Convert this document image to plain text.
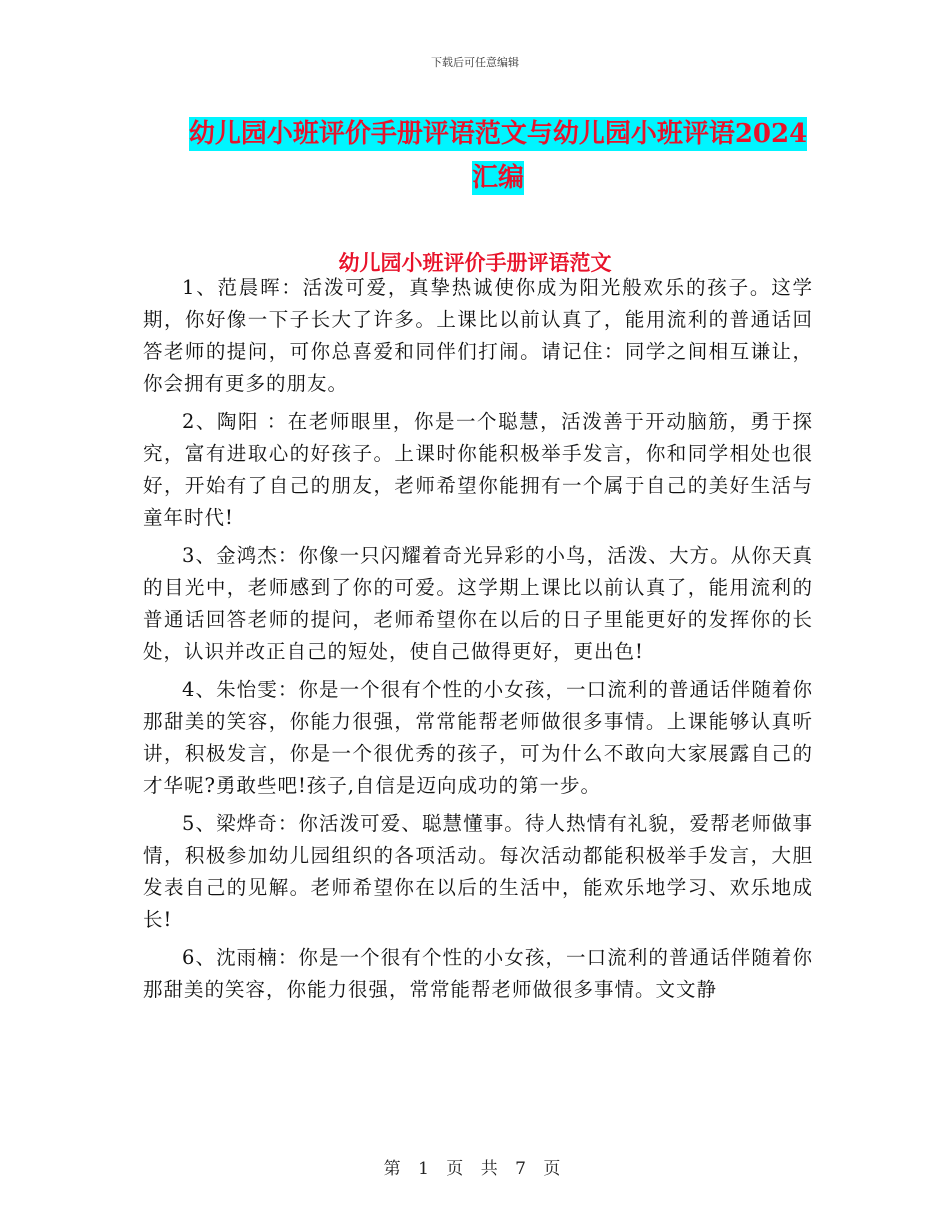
下载后可任意编辑
幼儿园小班评价手册评语范文与幼儿园小班评语2024汇编
幼儿园小班评价手册评语范文

1、范晨晖：活泼可爱，真挚热诚使你成为阳光般欢乐的孩子。这学期，你好像一下子长大了许多。上课比以前认真了，能用流利的普通话回答老师的提问，可你总喜爱和同伴们打闹。请记住：同学之间相互谦让，你会拥有更多的朋友。

2、陶阳 ：在老师眼里，你是一个聪慧，活泼善于开动脑筋，勇于探究，富有进取心的好孩子。上课时你能积极举手发言，你和同学相处也很好，开始有了自己的朋友，老师希望你能拥有一个属于自己的美好生活与童年时代!

3、金鸿杰：你像一只闪耀着奇光异彩的小鸟，活泼、大方。从你天真的目光中，老师感到了你的可爱。这学期上课比以前认真了，能用流利的普通话回答老师的提问，老师希望你在以后的日子里能更好的发挥你的长处，认识并改正自己的短处，使自己做得更好，更出色!

4、朱怡雯：你是一个很有个性的小女孩，一口流利的普通话伴随着你那甜美的笑容，你能力很强，常常能帮老师做很多事情。上课能够认真听讲，积极发言，你是一个很优秀的孩子，可为什么不敢向大家展露自己的才华呢?勇敢些吧!孩子,自信是迈向成功的第一步。

5、梁烨奇：你活泼可爱、聪慧懂事。待人热情有礼貌，爱帮老师做事情，积极参加幼儿园组织的各项活动。每次活动都能积极举手发言，大胆发表自己的见解。老师希望你在以后的生活中，能欢乐地学习、欢乐地成长!

6、沈雨楠：你是一个很有个性的小女孩，一口流利的普通话伴随着你那甜美的笑容，你能力很强，常常能帮老师做很多事情。文文静

第 1 页 共 7 页
